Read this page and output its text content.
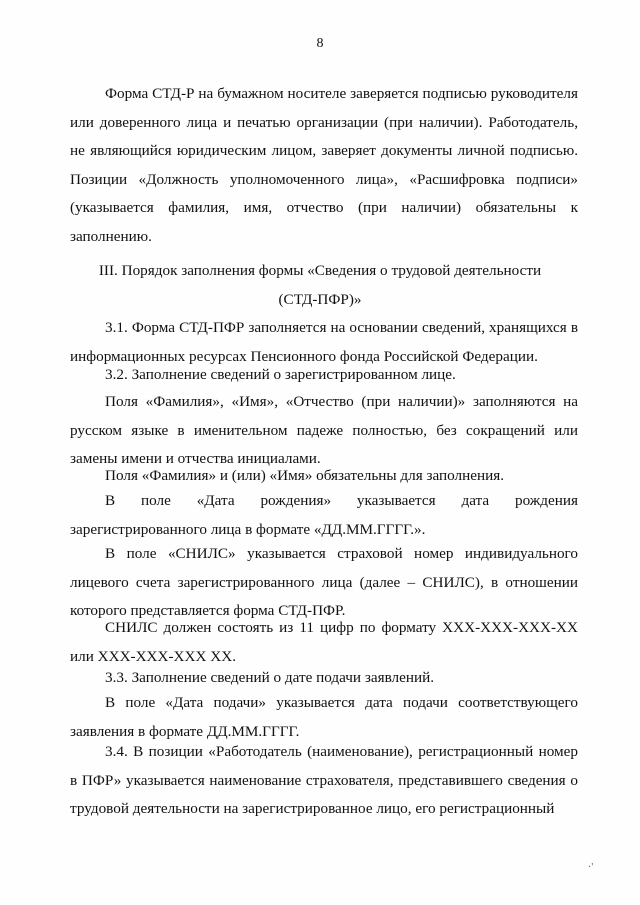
8
Форма СТД-Р на бумажном носителе заверяется подписью руководителя или доверенного лица и печатью организации (при наличии). Работодатель, не являющийся юридическим лицом, заверяет документы личной подписью. Позиции «Должность уполномоченного лица», «Расшифровка подписи» (указывается фамилия, имя, отчество (при наличии) обязательны к заполнению.
III. Порядок заполнения формы «Сведения о трудовой деятельности
(СТД-ПФР)»
3.1. Форма СТД-ПФР заполняется на основании сведений, хранящихся в информационных ресурсах Пенсионного фонда Российской Федерации.
3.2. Заполнение сведений о зарегистрированном лице.
Поля «Фамилия», «Имя», «Отчество (при наличии)» заполняются на русском языке в именительном падеже полностью, без сокращений или замены имени и отчества инициалами.
Поля «Фамилия» и (или) «Имя» обязательны для заполнения.
В поле «Дата рождения» указывается дата рождения зарегистрированного лица в формате «ДД.ММ.ГГГГ.».
В поле «СНИЛС» указывается страховой номер индивидуального лицевого счета зарегистрированного лица (далее – СНИЛС), в отношении которого представляется форма СТД-ПФР.
СНИЛС должен состоять из 11 цифр по формату XXX-XXX-XXX-XX или XXX-XXX-XXX XX.
3.3. Заполнение сведений о дате подачи заявлений.
В поле «Дата подачи» указывается дата подачи соответствующего заявления в формате ДД.ММ.ГГГГ.
3.4. В позиции «Работодатель (наименование), регистрационный номер в ПФР» указывается наименование страхователя, представившего сведения о трудовой деятельности на зарегистрированное лицо, его регистрационный
·'
